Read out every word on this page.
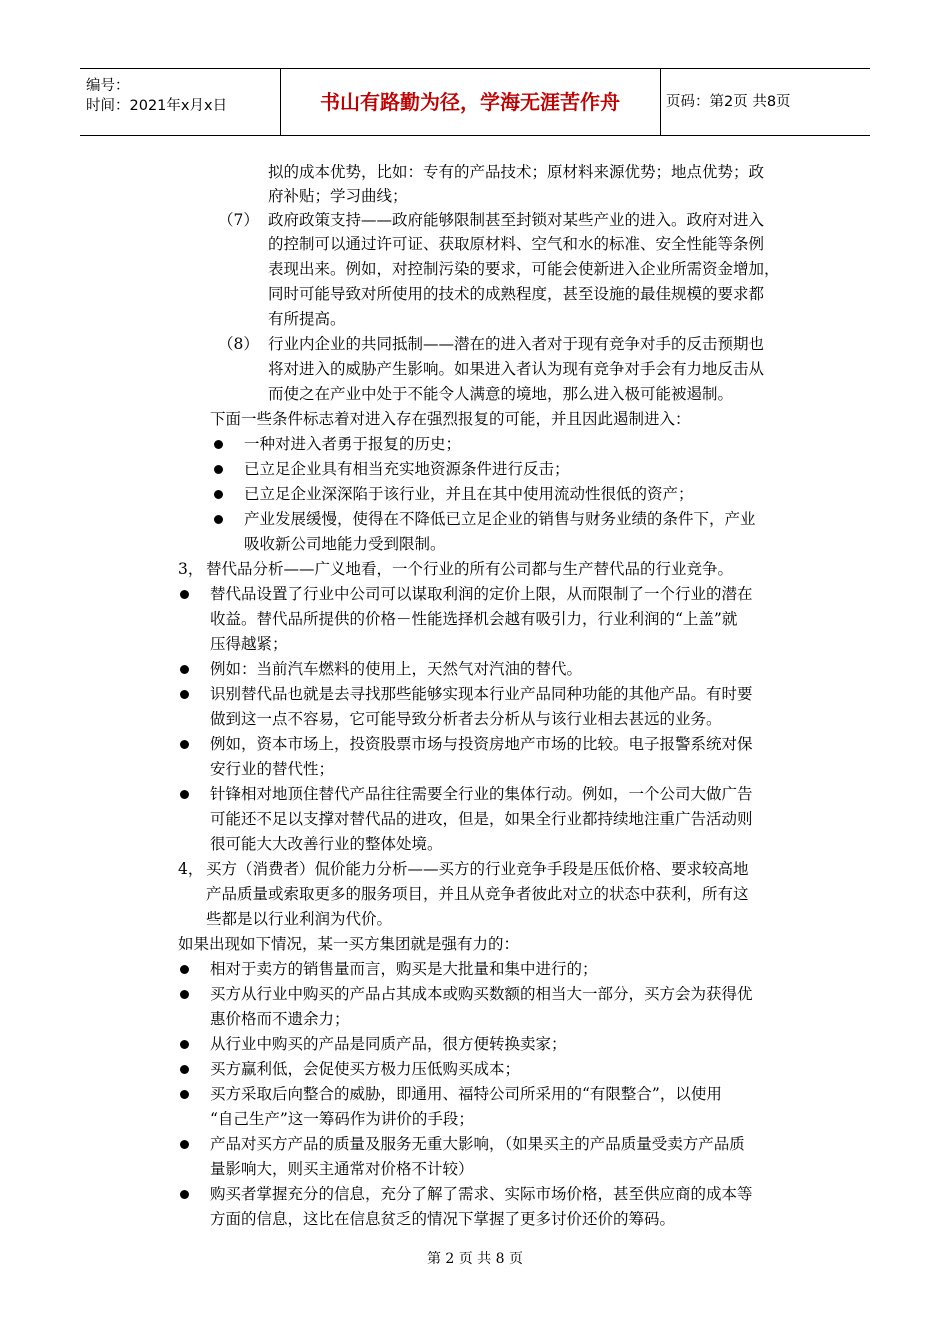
编号：
时间：2021年x月x日	书山有路勤为径，学海无涯苦作舟	页码：第2页 共8页
拟的成本优势，比如：专有的产品技术；原材料来源优势；地点优势；政
府补贴；学习曲线；
（7） 政府政策支持——政府能够限制甚至封锁对某些产业的进入。政府对进入
的控制可以通过许可证、获取原材料、空气和水的标准、安全性能等条例
表现出来。例如，对控制污染的要求，可能会使新进入企业所需资金增加，
同时可能导致对所使用的技术的成熟程度，甚至设施的最佳规模的要求都
有所提高。
（8） 行业内企业的共同抵制——潜在的进入者对于现有竞争对手的反击预期也
将对进入的威胁产生影响。如果进入者认为现有竞争对手会有力地反击从
而使之在产业中处于不能令人满意的境地，那么进入极可能被遏制。
下面一些条件标志着对进入存在强烈报复的可能，并且因此遏制进入：
一种对进入者勇于报复的历史；
已立足企业具有相当充实地资源条件进行反击；
已立足企业深深陷于该行业，并且在其中使用流动性很低的资产；
产业发展缓慢，使得在不降低已立足企业的销售与财务业绩的条件下，产业
吸收新公司地能力受到限制。
3， 替代品分析——广义地看，一个行业的所有公司都与生产替代品的行业竞争。
替代品设置了行业中公司可以谋取利润的定价上限，从而限制了一个行业的潜在
收益。替代品所提供的价格－性能选择机会越有吸引力，行业利润的“上盖”就
压得越紧；
例如：当前汽车燃料的使用上，天然气对汽油的替代。
识别替代品也就是去寻找那些能够实现本行业产品同种功能的其他产品。有时要
做到这一点不容易，它可能导致分析者去分析从与该行业相去甚远的业务。
例如，资本市场上，投资股票市场与投资房地产市场的比较。电子报警系统对保
安行业的替代性；
针锋相对地顶住替代产品往往需要全行业的集体行动。例如，一个公司大做广告
可能还不足以支撑对替代品的进攻，但是，如果全行业都持续地注重广告活动则
很可能大大改善行业的整体处境。
4， 买方（消费者）侃价能力分析——买方的行业竞争手段是压低价格、要求较高地
产品质量或索取更多的服务项目，并且从竞争者彼此对立的状态中获利，所有这
些都是以行业利润为代价。
如果出现如下情况，某一买方集团就是强有力的：
相对于卖方的销售量而言，购买是大批量和集中进行的；
买方从行业中购买的产品占其成本或购买数额的相当大一部分，买方会为获得优
惠价格而不遗余力；
从行业中购买的产品是同质产品，很方便转换卖家；
买方赢利低，会促使买方极力压低购买成本；
买方采取后向整合的威胁，即通用、福特公司所采用的“有限整合”，以使用
“自己生产”这一筹码作为讲价的手段；
产品对买方产品的质量及服务无重大影响，（如果买主的产品质量受卖方产品质
量影响大，则买主通常对价格不计较）
购买者掌握充分的信息，充分了解了需求、实际市场价格，甚至供应商的成本等
方面的信息，这比在信息贫乏的情况下掌握了更多讨价还价的筹码。
第 2 页 共 8 页
